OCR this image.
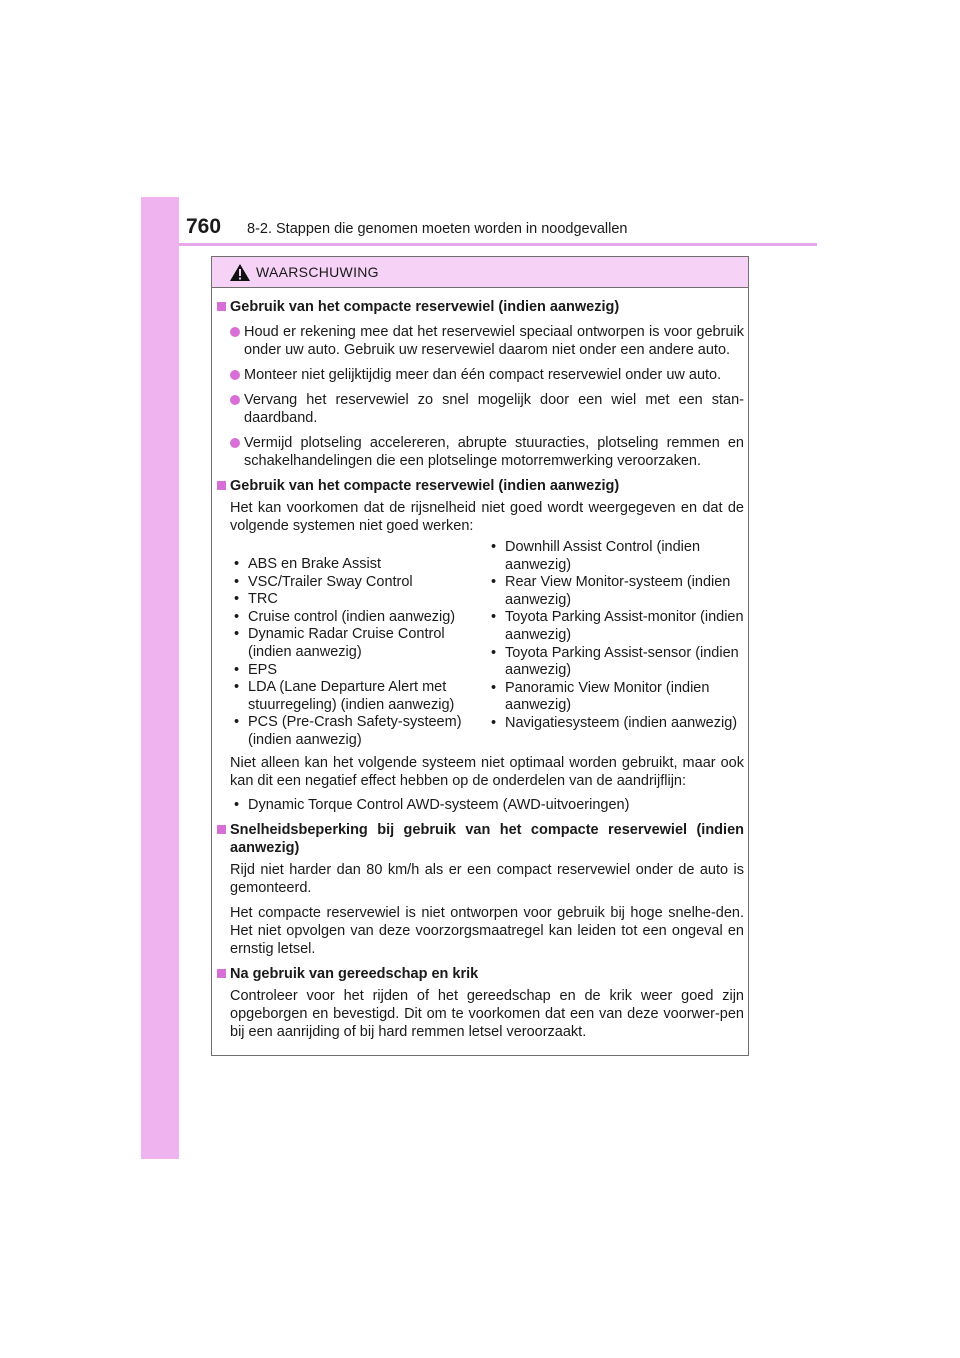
760 8-2. Stappen die genomen moeten worden in noodgevallen
WAARSCHUWING
Gebruik van het compacte reservewiel (indien aanwezig)
Houd er rekening mee dat het reservewiel speciaal ontworpen is voor gebruik onder uw auto. Gebruik uw reservewiel daarom niet onder een andere auto.
Monteer niet gelijktijdig meer dan één compact reservewiel onder uw auto.
Vervang het reservewiel zo snel mogelijk door een wiel met een stan-daardband.
Vermijd plotseling accelereren, abrupte stuuracties, plotseling remmen en schakelhandelingen die een plotselinge motorremwerking veroorzaken.
Gebruik van het compacte reservewiel (indien aanwezig)
Het kan voorkomen dat de rijsnelheid niet goed wordt weergegeven en dat de volgende systemen niet goed werken:
• ABS en Brake Assist
• VSC/Trailer Sway Control
• TRC
• Cruise control (indien aanwezig)
• Dynamic Radar Cruise Control (indien aanwezig)
• EPS
• LDA (Lane Departure Alert met stuurregeling) (indien aanwezig)
• PCS (Pre-Crash Safety-systeem) (indien aanwezig)
• Downhill Assist Control (indien aanwezig)
• Rear View Monitor-systeem (indien aanwezig)
• Toyota Parking Assist-monitor (indien aanwezig)
• Toyota Parking Assist-sensor (indien aanwezig)
• Panoramic View Monitor (indien aanwezig)
• Navigatiesysteem (indien aanwezig)
Niet alleen kan het volgende systeem niet optimaal worden gebruikt, maar ook kan dit een negatief effect hebben op de onderdelen van de aandrijflijn:
• Dynamic Torque Control AWD-systeem (AWD-uitvoeringen)
Snelheidsbeperking bij gebruik van het compacte reservewiel (indien aanwezig)
Rijd niet harder dan 80 km/h als er een compact reservewiel onder de auto is gemonteerd.
Het compacte reservewiel is niet ontworpen voor gebruik bij hoge snelhe-den. Het niet opvolgen van deze voorzorgsmaatregel kan leiden tot een ongeval en ernstig letsel.
Na gebruik van gereedschap en krik
Controleer voor het rijden of het gereedschap en de krik weer goed zijn opgeborgen en bevestigd. Dit om te voorkomen dat een van deze voorwer-pen bij een aanrijding of bij hard remmen letsel veroorzaakt.
